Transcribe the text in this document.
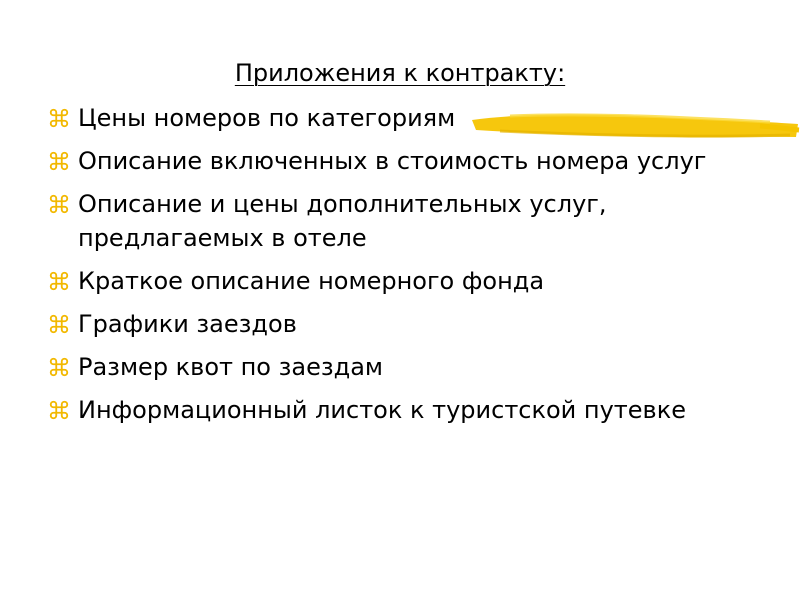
Приложения к контракту:
Цены номеров по категориям
Описание включенных в стоимость номера услуг
Описание и цены дополнительных услуг, предлагаемых в отеле
Краткое описание номерного фонда
Графики заездов
Размер квот по заездам
Информационный листок к туристской путевке
